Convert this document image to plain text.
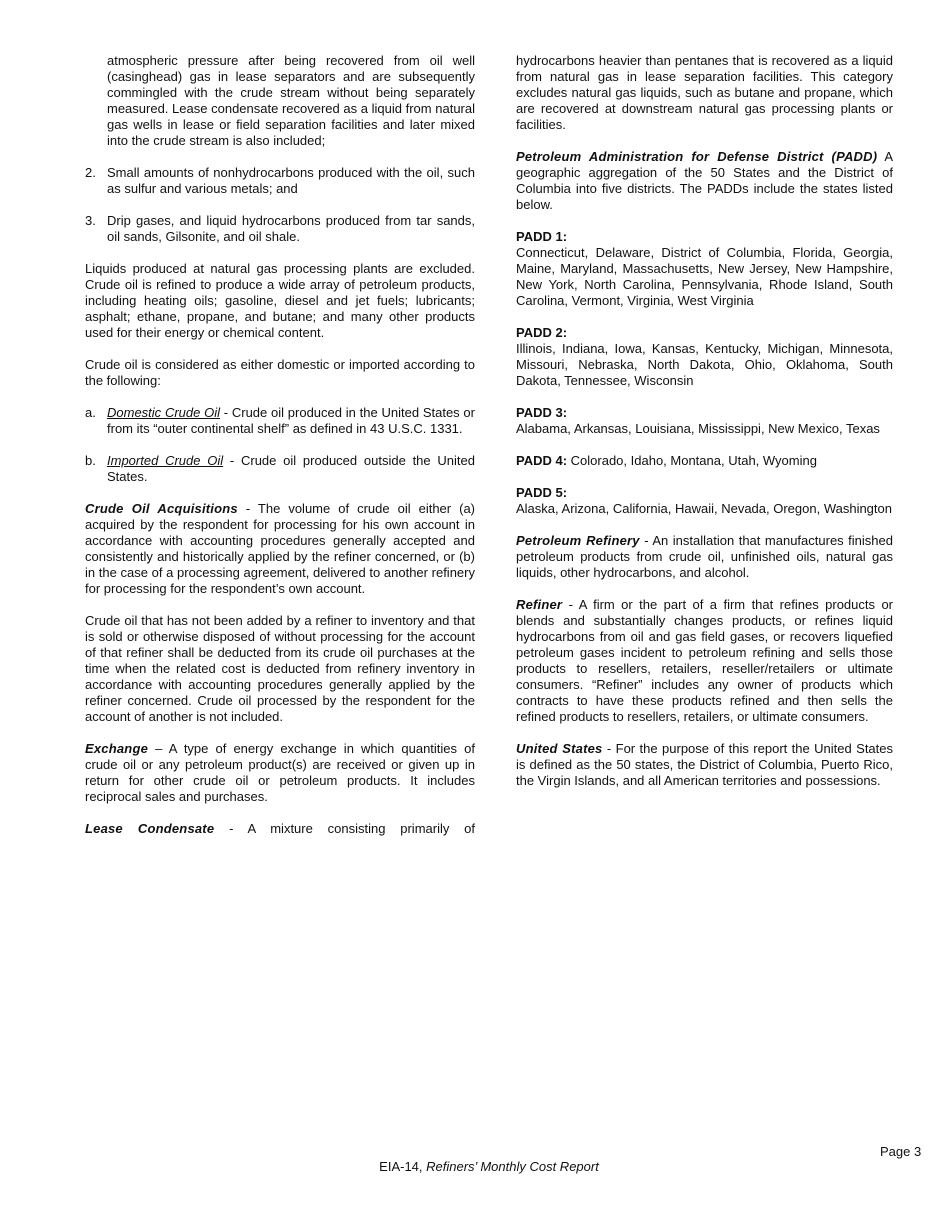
atmospheric pressure after being recovered from oil well (casinghead) gas in lease separators and are subsequently commingled with the crude stream without being separately measured. Lease condensate recovered as a liquid from natural gas wells in lease or field separation facilities and later mixed into the crude stream is also included;

2. Small amounts of nonhydrocarbons produced with the oil, such as sulfur and various metals; and
3. Drip gases, and liquid hydrocarbons produced from tar sands, oil sands, Gilsonite, and oil shale.

Liquids produced at natural gas processing plants are excluded. Crude oil is refined to produce a wide array of petroleum products, including heating oils; gasoline, diesel and jet fuels; lubricants; asphalt; ethane, propane, and butane; and many other products used for their energy or chemical content.

Crude oil is considered as either domestic or imported according to the following:

a. Domestic Crude Oil - Crude oil produced in the United States or from its “outer continental shelf” as defined in 43 U.S.C. 1331.
b. Imported Crude Oil - Crude oil produced outside the United States.

Crude Oil Acquisitions - The volume of crude oil either (a) acquired by the respondent for processing for his own account in accordance with accounting procedures generally accepted and consistently and historically applied by the refiner concerned, or (b) in the case of a processing agreement, delivered to another refinery for processing for the respondent’s own account.

Crude oil that has not been added by a refiner to inventory and that is sold or otherwise disposed of without processing for the account of that refiner shall be deducted from its crude oil purchases at the time when the related cost is deducted from refinery inventory in accordance with accounting procedures generally applied by the refiner concerned. Crude oil processed by the respondent for the account of another is not included.

Exchange – A type of energy exchange in which quantities of crude oil or any petroleum product(s) are received or given up in return for other crude oil or petroleum products. It includes reciprocal sales and purchases.

Lease Condensate - A mixture consisting primarily of

hydrocarbons heavier than pentanes that is recovered as a liquid from natural gas in lease separation facilities. This category excludes natural gas liquids, such as butane and propane, which are recovered at downstream natural gas processing plants or facilities.

Petroleum Administration for Defense District (PADD) A geographic aggregation of the 50 States and the District of Columbia into five districts. The PADDs include the states listed below.

PADD 1:
Connecticut, Delaware, District of Columbia, Florida, Georgia, Maine, Maryland, Massachusetts, New Jersey, New Hampshire, New York, North Carolina, Pennsylvania, Rhode Island, South Carolina, Vermont, Virginia, West Virginia

PADD 2:
Illinois, Indiana, Iowa, Kansas, Kentucky, Michigan, Minnesota, Missouri, Nebraska, North Dakota, Ohio, Oklahoma, South Dakota, Tennessee, Wisconsin

PADD 3:
Alabama, Arkansas, Louisiana, Mississippi, New Mexico, Texas

PADD 4: Colorado, Idaho, Montana, Utah, Wyoming

PADD 5:
Alaska, Arizona, California, Hawaii, Nevada, Oregon, Washington

Petroleum Refinery - An installation that manufactures finished petroleum products from crude oil, unfinished oils, natural gas liquids, other hydrocarbons, and alcohol.

Refiner - A firm or the part of a firm that refines products or blends and substantially changes products, or refines liquid hydrocarbons from oil and gas field gases, or recovers liquefied petroleum gases incident to petroleum refining and sells those products to resellers, retailers, reseller/retailers or ultimate consumers. “Refiner” includes any owner of products which contracts to have these products refined and then sells the refined products to resellers, retailers, or ultimate consumers.

United States - For the purpose of this report the United States is defined as the 50 states, the District of Columbia, Puerto Rico, the Virgin Islands, and all American territories and possessions.

Page 3
EIA-14, Refiners’ Monthly Cost Report
